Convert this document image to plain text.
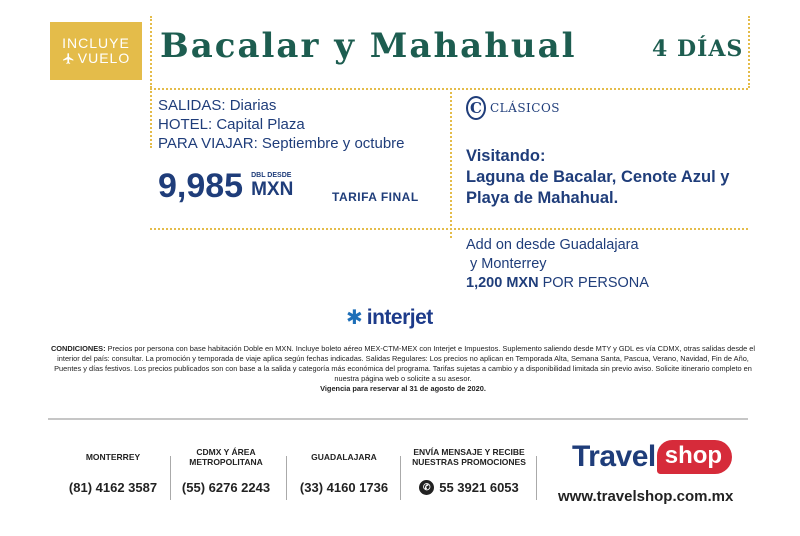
INCLUYE
VUELO Bacalar y Mahahual	4 DÍAS
SALIDAS: Diarias
HOTEL: Capital Plaza
PARA VIAJAR: Septiembre y octubre
9,985 DBL DESDE
MXN	TARIFA FINAL
C CLÁSICOS
Visitando:
Laguna de Bacalar, Cenote Azul y Playa de Mahahual.
Add on desde Guadalajara
y Monterrey
1,200 MXN POR PERSONA
✱ interjet
CONDICIONES: Precios por persona con base habitación Doble en MXN. Incluye boleto aéreo MEX-CTM-MEX con Interjet e Impuestos. Suplemento saliendo desde MTY y GDL es vía CDMX, otras salidas desde el interior del país: consultar. La promoción y temporada de viaje aplica según fechas indicadas. Salidas Regulares: Los precios no aplican en Temporada Alta, Semana Santa, Pascua, Verano, Navidad, Fin de Año, Puentes y días festivos. Los precios publicados son con base a la salida y categoría más económica del programa. Tarifas sujetas a cambio y a disponibilidad limitada sin previo aviso. Solicite itinerario completo en nuestra página web o solicite a su asesor.
Vigencia para reservar al 31 de agosto de 2020.
MONTERREY
(81) 4162 3587
CDMX Y ÁREA METROPOLITANA
(55) 6276 2243
GUADALAJARA
(33) 4160 1736
ENVÍA MENSAJE Y RECIBE NUESTRAS PROMOCIONES
✆ 55 3921 6053
Travel shop
www.travelshop.com.mx
